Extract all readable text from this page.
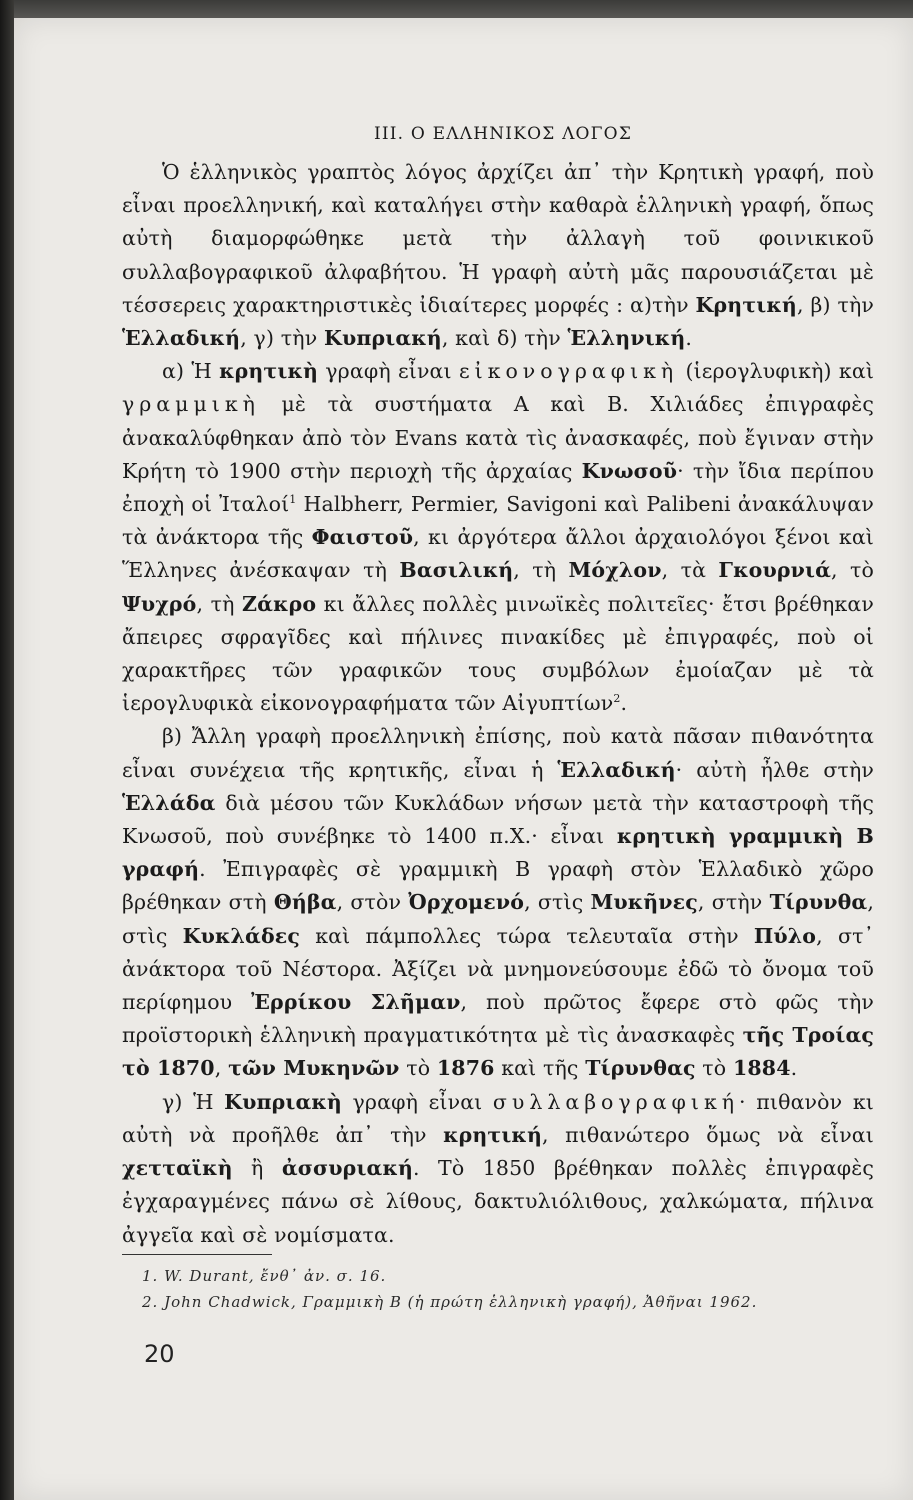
ΙΙΙ. Ο ΕΛΛΗΝΙΚΟΣ ΛΟΓΟΣ

Ὁ ἑλληνικὸς γραπτὸς λόγος ἀρχίζει ἀπ᾽ τὴν Κρητικὴ γραφή, ποὺ εἶναι προελληνική, καὶ καταλήγει στὴν καθαρὰ ἑλληνικὴ γραφή, ὅπως αὐτὴ διαμορφώθηκε μετὰ τὴν ἀλλαγὴ τοῦ φοινικικοῦ συλλαβογραφικοῦ ἀλφαβήτου. Ἡ γραφὴ αὐτὴ μᾶς παρουσιάζεται μὲ τέσσερεις χαρακτηριστικὲς ἰδιαίτερες μορφές : α)τὴν Κρητική, β) τὴν Ἑλλαδική, γ) τὴν Κυπριακή, καὶ δ) τὴν Ἑλληνική.

α) Ἡ κρητικὴ γραφὴ εἶναι εἰκονογραφικὴ (ἱερογλυφικὴ) καὶ γραμμικὴ μὲ τὰ συστήματα Α καὶ Β. Χιλιάδες ἐπιγραφὲς ἀνακαλύφθηκαν ἀπὸ τὸν Evans κατὰ τὶς ἀνασκαφές, ποὺ ἔγιναν στὴν Κρήτη τὸ 1900 στὴν περιοχὴ τῆς ἀρχαίας Κνωσοῦ· τὴν ἴδια περίπου ἐποχὴ οἱ Ἰταλοί$^1$ Halbherr, Permier, Savigoni καὶ Palibeni ἀνακάλυψαν τὰ ἀνάκτορα τῆς Φαιστοῦ, κι ἀργότερα ἄλλοι ἀρχαιολόγοι ξένοι καὶ Ἕλληνες ἀνέσκαψαν τὴ Βασιλική, τὴ Μόχλον, τὰ Γκουρνιά, τὸ Ψυχρό, τὴ Ζάκρο κι ἄλλες πολλὲς μινωϊκὲς πολιτεῖες· ἔτσι βρέθηκαν ἄπειρες σφραγῖδες καὶ πήλινες πινακίδες μὲ ἐπιγραφές, ποὺ οἱ χαρακτῆρες τῶν γραφικῶν τους συμβόλων ἐμοίαζαν μὲ τὰ ἱερογλυφικὰ εἰκονογραφήματα τῶν Αἰγυπτίων$^2$.

β) Ἄλλη γραφὴ προελληνικὴ ἐπίσης, ποὺ κατὰ πᾶσαν πιθανότητα εἶναι συνέχεια τῆς κρητικῆς, εἶναι ἡ Ἑλλαδική· αὐτὴ ἦλθε στὴν Ἑλλάδα διὰ μέσου τῶν Κυκλάδων νήσων μετὰ τὴν καταστροφὴ τῆς Κνωσοῦ, ποὺ συνέβηκε τὸ 1400 π.Χ.· εἶναι κρητικὴ γραμμικὴ Β γραφή. Ἐπιγραφὲς σὲ γραμμικὴ Β γραφὴ στὸν Ἑλλαδικὸ χῶρο βρέθηκαν στὴ Θήβα, στὸν Ὀρχομενό, στὶς Μυκῆνες, στὴν Τίρυνθα, στὶς Κυκλάδες καὶ πάμπολλες τώρα τελευταῖα στὴν Πύλο, στ᾽ ἀνάκτορα τοῦ Νέστορα. Ἀξίζει νὰ μνημονεύσουμε ἐδῶ τὸ ὄνομα τοῦ περίφημου Ἐρρίκου Σλῆμαν, ποὺ πρῶτος ἔφερε στὸ φῶς τὴν προϊστορικὴ ἑλληνικὴ πραγματικότητα μὲ τὶς ἀνασκαφὲς τῆς Τροίας τὸ 1870, τῶν Μυκηνῶν τὸ 1876 καὶ τῆς Τίρυνθας τὸ 1884.

γ) Ἡ Κυπριακὴ γραφὴ εἶναι συλλαβογραφική· πιθανὸν κι αὐτὴ νὰ προῆλθε ἀπ᾽ τὴν κρητική, πιθανώτερο ὅμως νὰ εἶναι χετταϊκὴ ἢ ἀσσυριακή. Τὸ 1850 βρέθηκαν πολλὲς ἐπιγραφὲς ἐγχαραγμένες πάνω σὲ λίθους, δακτυλιόλιθους, χαλκώματα, πήλινα ἀγγεῖα καὶ σὲ νομίσματα.

1. W. Durant, ἔνθ᾽ ἀν. σ. 16.
2. John Chadwick, Γραμμικὴ Β (ἡ πρώτη ἑλληνικὴ γραφή), Ἀθῆναι 1962.
20
